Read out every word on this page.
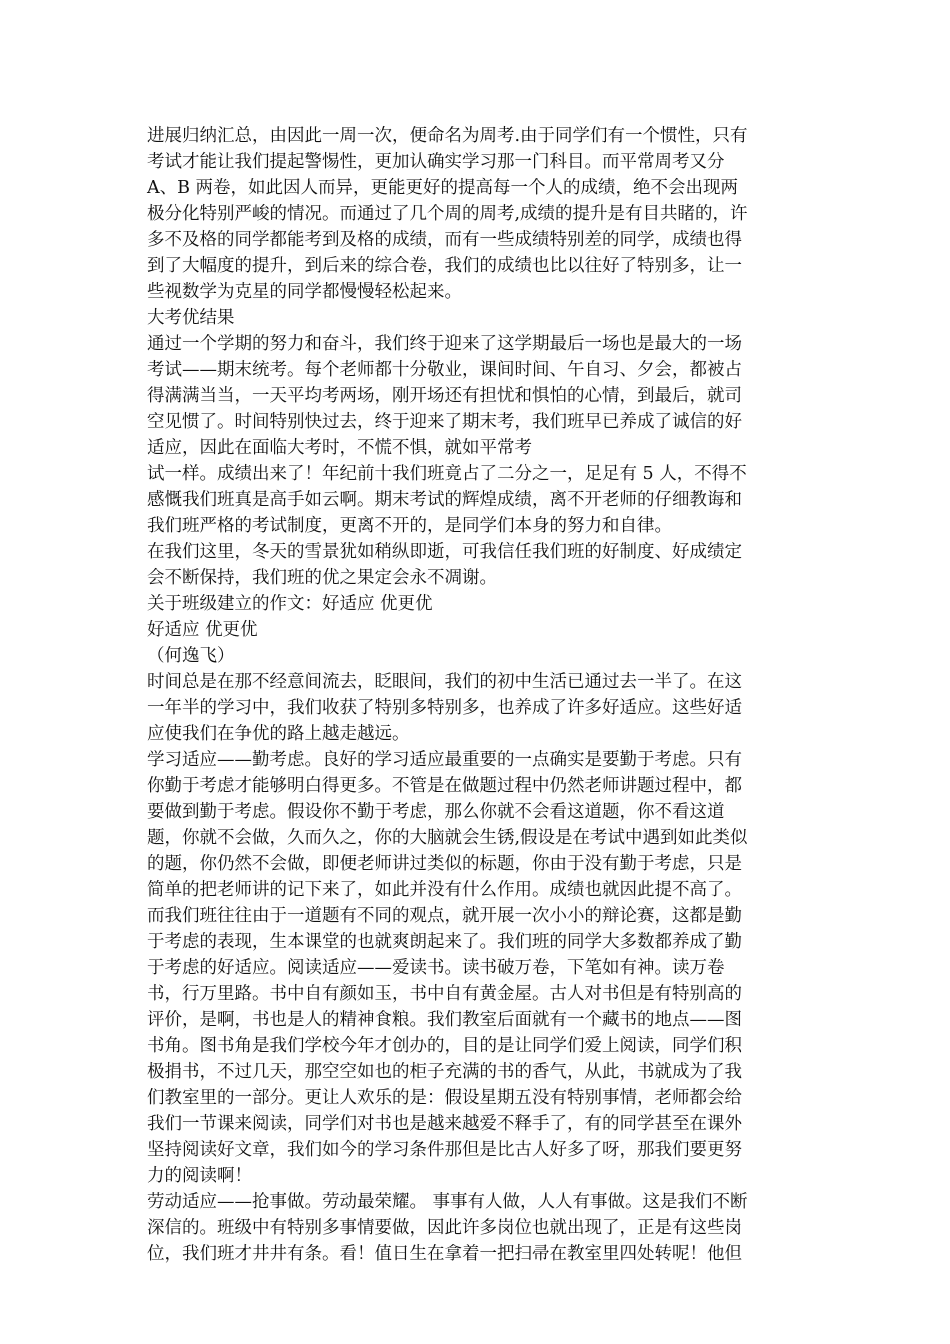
进展归纳汇总，由因此一周一次，便命名为周考.由于同学们有一个惯性，只有
考试才能让我们提起警惕性，更加认确实学习那一门科目。而平常周考又分
A、B 两卷，如此因人而异，更能更好的提高每一个人的成绩，绝不会出现两
极分化特别严峻的情况。而通过了几个周的周考,成绩的提升是有目共睹的，许
多不及格的同学都能考到及格的成绩，而有一些成绩特别差的同学，成绩也得
到了大幅度的提升，到后来的综合卷，我们的成绩也比以往好了特别多，让一
些视数学为克星的同学都慢慢轻松起来。
大考优结果
通过一个学期的努力和奋斗，我们终于迎来了这学期最后一场也是最大的一场
考试——期末统考。每个老师都十分敬业，课间时间、午自习、夕会，都被占
得满满当当，一天平均考两场，刚开场还有担忧和惧怕的心情，到最后，就司
空见惯了。时间特别快过去，终于迎来了期末考，我们班早已养成了诚信的好
适应，因此在面临大考时，不慌不惧，就如平常考
试一样。成绩出来了！年纪前十我们班竟占了二分之一，足足有 5 人，不得不
感慨我们班真是高手如云啊。期末考试的辉煌成绩，离不开老师的仔细教诲和
我们班严格的考试制度，更离不开的，是同学们本身的努力和自律。
在我们这里，冬天的雪景犹如稍纵即逝，可我信任我们班的好制度、好成绩定
会不断保持，我们班的优之果定会永不凋谢。
关于班级建立的作文：好适应 优更优
好适应 优更优
（何逸飞）
时间总是在那不经意间流去，眨眼间，我们的初中生活已通过去一半了。在这
一年半的学习中，我们收获了特别多特别多，也养成了许多好适应。这些好适
应使我们在争优的路上越走越远。
学习适应——勤考虑。良好的学习适应最重要的一点确实是要勤于考虑。只有
你勤于考虑才能够明白得更多。不管是在做题过程中仍然老师讲题过程中，都
要做到勤于考虑。假设你不勤于考虑，那么你就不会看这道题，你不看这道
题，你就不会做，久而久之，你的大脑就会生锈,假设是在考试中遇到如此类似
的题，你仍然不会做，即便老师讲过类似的标题，你由于没有勤于考虑，只是
简单的把老师讲的记下来了，如此并没有什么作用。成绩也就因此提不高了。
而我们班往往由于一道题有不同的观点，就开展一次小小的辩论赛，这都是勤
于考虑的表现，生本课堂的也就爽朗起来了。我们班的同学大多数都养成了勤
于考虑的好适应。阅读适应——爱读书。读书破万卷，下笔如有神。读万卷
书，行万里路。书中自有颜如玉，书中自有黄金屋。古人对书但是有特别高的
评价，是啊，书也是人的精神食粮。我们教室后面就有一个藏书的地点——图
书角。图书角是我们学校今年才创办的，目的是让同学们爱上阅读，同学们积
极捐书，不过几天，那空空如也的柜子充满的书的香气，从此，书就成为了我
们教室里的一部分。更让人欢乐的是：假设星期五没有特别事情，老师都会给
我们一节课来阅读，同学们对书也是越来越爱不释手了，有的同学甚至在课外
坚持阅读好文章，我们如今的学习条件那但是比古人好多了呀，那我们要更努
力的阅读啊！
劳动适应——抢事做。劳动最荣耀。 事事有人做，人人有事做。这是我们不断
深信的。班级中有特别多事情要做，因此许多岗位也就出现了，正是有这些岗
位，我们班才井井有条。看！值日生在拿着一把扫帚在教室里四处转呢！他但
